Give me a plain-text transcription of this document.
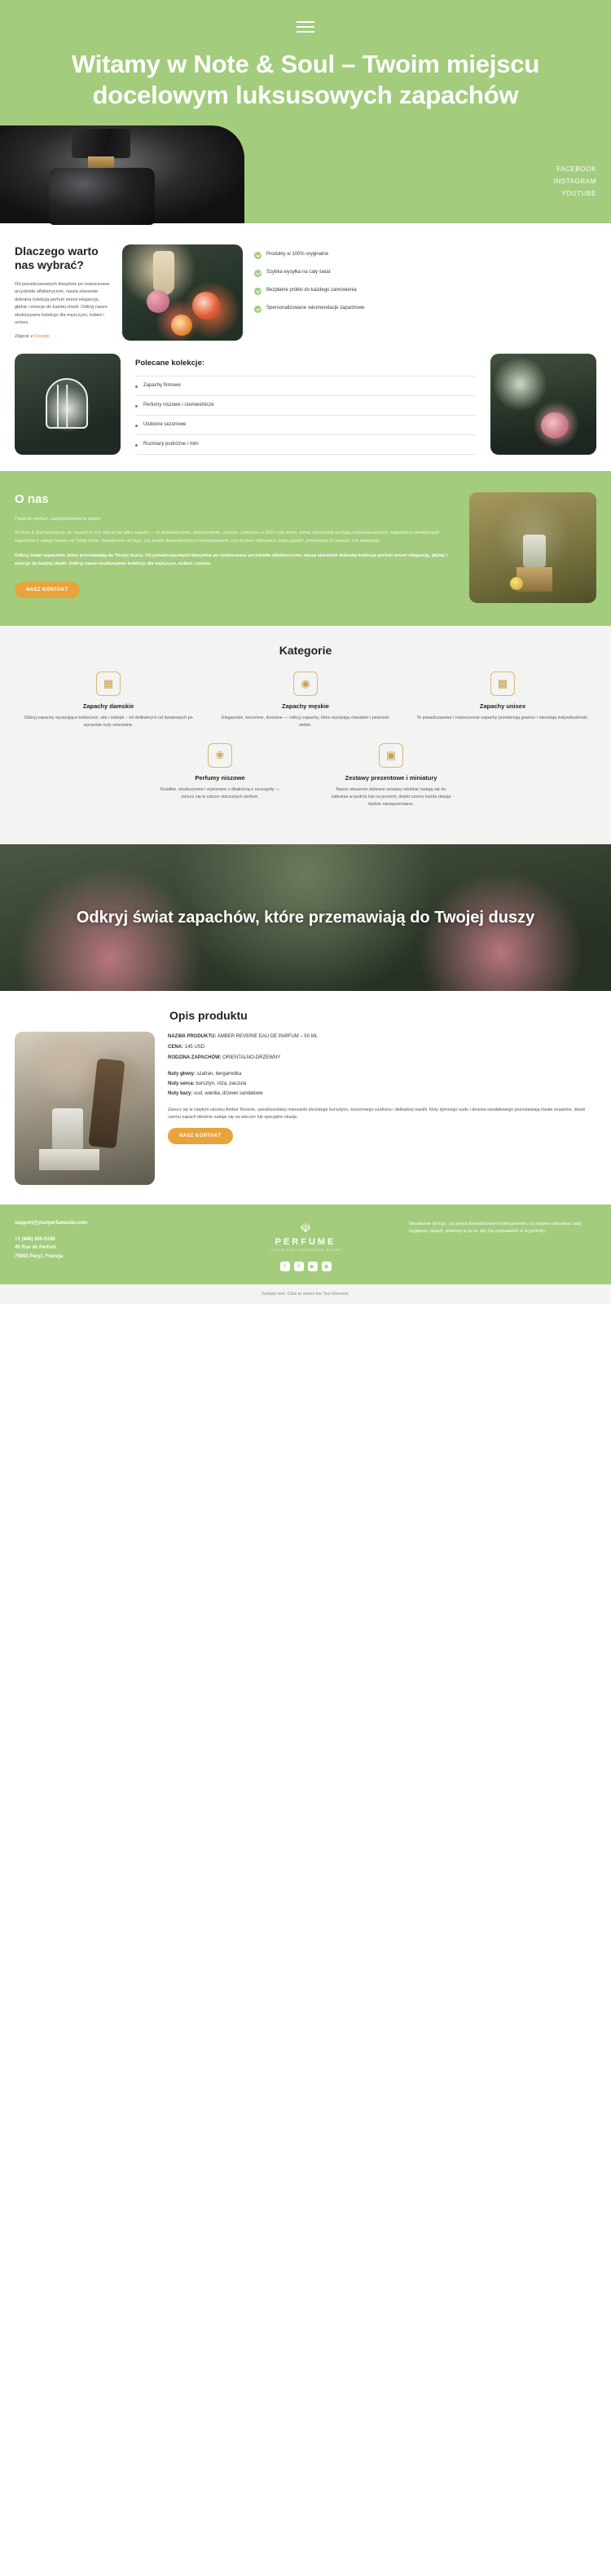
Witamy w Note & Soul – Twoim miejscu docelowym luksusowych zapachów
FACEBOOK
INSTAGRAM
YOUTUBE
Dlaczego warto nas wybrać?

Od ponadczasowych klasyków po nowoczesne arcydzieła olfaktoryczne, nasza starannie dobrana kolekcja perfum wnosi elegancję, głębię i emocje do każdej chwili. Odkryj nasze ekskluzywne kolekcje dla mężczyzn, kobiet i unisex.

Zdjęcie z Freepik

Produkty w 100% oryginalne
Szybka wysyłka na cały świat
Bezpłatne próbki do każdego zamówienia
Spersonalizowane rekomendacje zapachowe
Polecane kolekcje:
Zapachy firmowe
Perfumy niszowe i rzemieślnicze
Ulubione sezonowe
Rozmiary podróżne i mini
O nas

Pasja do perfum, zaangażowanie w jakość

W Note & Soul wierzymy, że zapach to coś więcej niż tylko zapach — to doświadczenie, wspomnienie, uczucie. Założona w 2024 roku firma, której założyciele kochają niepowtarzalnych, najbardziej uwielbianych zapachów z całego świata od Twoje drzwi. Niezależnie od tego, czy jesteś doświadczonym kolekcjonerem, czy dopiero odkrywasz swój zapach, pomożemy Ci znaleźć coś idealnego.

Odkryj świat zapachów, które przemawiają do Twojej duszy. Od ponadczasowych klasyków po nowoczesne arcydzieła olfaktoryczne, nasza starannie dobrana kolekcja perfum wnosi elegancję, głębię i emocje do każdej chwili. Odkryj nasze ekskluzywne kolekcje dla mężczyzn, kobiet i unisex.

NASZ KONTAKT
Kategorie
▦
Zapachy damskie

Odkryj zapachy wyrażające kobiecość, siłę i wdzięk – od delikatnych od kwiatowych po wyraziste nuty orientalne.

◉
Zapachy męskie

Eleganckie, korzenne, drzewne — odkryj zapachy, które wyrażają charakter i pewność siebie.

▩
Zapachy unisex

Te ponadczasowe i nowoczesne zapachy przełamują granice i określają indywidualność.

❀
Perfumy niszowe

Rzadkie, ekskluzywne i wykonane z dbałością o szczegóły — zanurz się w sztuce otaczanych perfum.

▣
Zestawy prezentowe i miniatury

Nasze starannie dobrane zestawy idealnie nadają się do zabrania w podróż lub na prezent, dzięki czemu każda okazja będzie niezapomniana.

Odkryj świat zapachów, które przemawiają do Twojej duszy
Opis produktu
NAZWA PRODUKTU: AMBER REVERIE EAU DE PARFUM – 50 ML
CENA: 145 USD
RODZINA ZAPACHÓW: ORIENTALNO-DRZEWNY
Nuty głowy: szafran, bergamotka
Nuty serca: bursztyn, róża, paczula
Nuty bazy: oud, wanilia, drzewo sandałowe

Zanurz się w ciepłym uścisku Amber Reverie, uwodzicielskiej mieszanki złocistego bursztynu, korzennego szafranu i delikatnej wanilii. Nuty dymnego oudu i drzewa sandałowego pozostawiają trwałe wrażenie, dzięki czemu zapach idealnie nadaje się na wieczór lub specjalne okazje.

NASZ KONTAKT
support@yourperfumesite.com
+1 (846) 555-0198
45 Rue de Parfum
75002 Paryż, Francja
☫
PERFUME
LUXURIOUS FRAGRANCE STORE
f	✕	▶	◉
Niezależnie od tego, czy jesteś doświadczonym kolekcjonerem, czy dopiero odkrywasz swój wyjątkowy zapach, jesteśmy tu po to, aby Cię poprowadzić w tej podróży.
Sample text. Click to select the Text Element.
